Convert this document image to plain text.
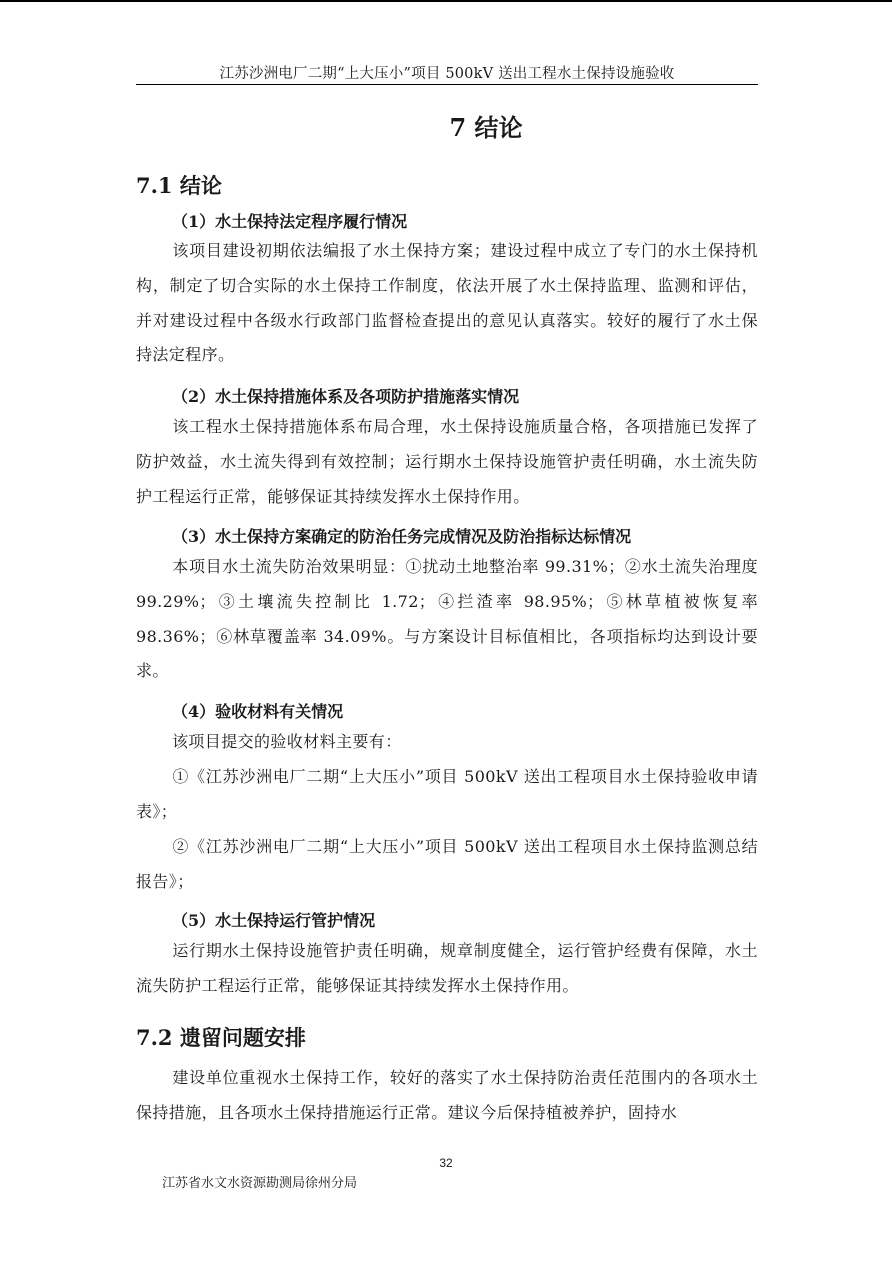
江苏沙洲电厂二期“上大压小”项目 500kV 送出工程水土保持设施验收
7 结论
7.1 结论
（1）水土保持法定程序履行情况

该项目建设初期依法编报了水土保持方案；建设过程中成立了专门的水土保持机构，制定了切合实际的水土保持工作制度，依法开展了水土保持监理、监测和评估，并对建设过程中各级水行政部门监督检查提出的意见认真落实。较好的履行了水土保持法定程序。

（2）水土保持措施体系及各项防护措施落实情况

该工程水土保持措施体系布局合理，水土保持设施质量合格，各项措施已发挥了防护效益，水土流失得到有效控制；运行期水土保持设施管护责任明确，水土流失防护工程运行正常，能够保证其持续发挥水土保持作用。

（3）水土保持方案确定的防治任务完成情况及防治指标达标情况

本项目水土流失防治效果明显：①扰动土地整治率 99.31%；②水土流失治理度 99.29%；③土壤流失控制比 1.72；④拦渣率 98.95%；⑤林草植被恢复率 98.36%；⑥林草覆盖率 34.09%。与方案设计目标值相比，各项指标均达到设计要求。

（4）验收材料有关情况

该项目提交的验收材料主要有：

①《江苏沙洲电厂二期“上大压小”项目 500kV 送出工程项目水土保持验收申请表》；

②《江苏沙洲电厂二期“上大压小”项目 500kV 送出工程项目水土保持监测总结报告》；

（5）水土保持运行管护情况

运行期水土保持设施管护责任明确，规章制度健全，运行管护经费有保障，水土流失防护工程运行正常，能够保证其持续发挥水土保持作用。

7.2 遗留问题安排

建设单位重视水土保持工作，较好的落实了水土保持防治责任范围内的各项水土保持措施，且各项水土保持措施运行正常。建议今后保持植被养护，固持水

32
江苏省水文水资源勘测局徐州分局
